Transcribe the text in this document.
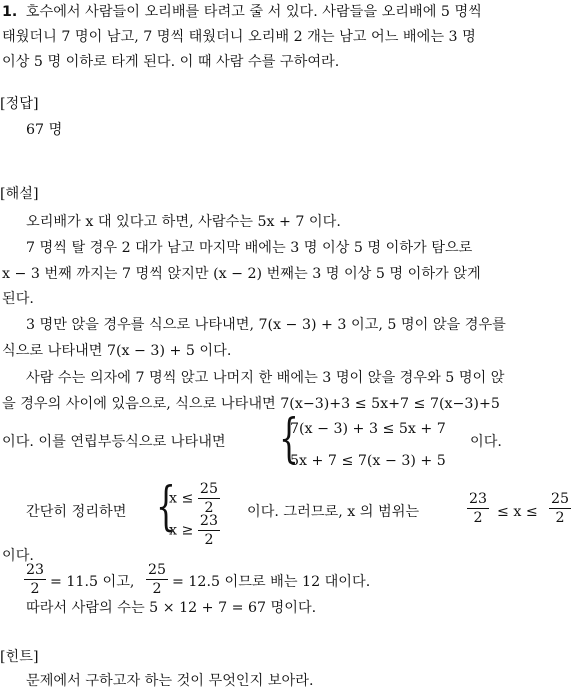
1. 호수에서 사람들이 오리배를 타려고 줄 서 있다. 사람들을 오리배에 5 명씩
태웠더니 7 명이 남고, 7 명씩 태웠더니 오리배 2 개는 남고 어느 배에는 3 명
이상 5 명 이하로 타게 된다. 이 때 사람 수를 구하여라.
[정답]
67 명
[해설]
오리배가 x 대 있다고 하면, 사람수는 5x + 7 이다.
7 명씩 탈 경우 2 대가 남고 마지막 배에는 3 명 이상 5 명 이하가 탐으로
x − 3 번째 까지는 7 명씩 앉지만 (x − 2) 번째는 3 명 이상 5 명 이하가 앉게
된다.
3 명만 앉을 경우를 식으로 나타내면, 7(x − 3) + 3 이고, 5 명이 앉을 경우를
식으로 나타내면 7(x − 3) + 5 이다.
사람 수는 의자에 7 명씩 앉고 나머지 한 배에는 3 명이 앉을 경우와 5 명이 앉
을 경우의 사이에 있음으로, 식으로 나타내면 7(x−3)+3 ≤ 5x+7 ≤ 7(x−3)+5
이다. 이를 연립부등식으로 나타내면 {
7(x − 3) + 3 ≤ 5x + 7
5x + 7 ≤ 7(x − 3) + 5
이다.
간단히 정리하면 {
$x \le \frac{25}{2}$
$x \ge \frac{23}{2}$ 이다. 그러므로, x 의 범위는	$\frac{23}{2} \le x \le \frac{25}{2}$
이다.
$\frac{23}{2} = 11.5$ 이고, $\frac{25}{2} = 12.5$ 이므로 배는 12 대이다.
따라서 사람의 수는 5 × 12 + 7 = 67 명이다.
[힌트]
문제에서 구하고자 하는 것이 무엇인지 보아라.
